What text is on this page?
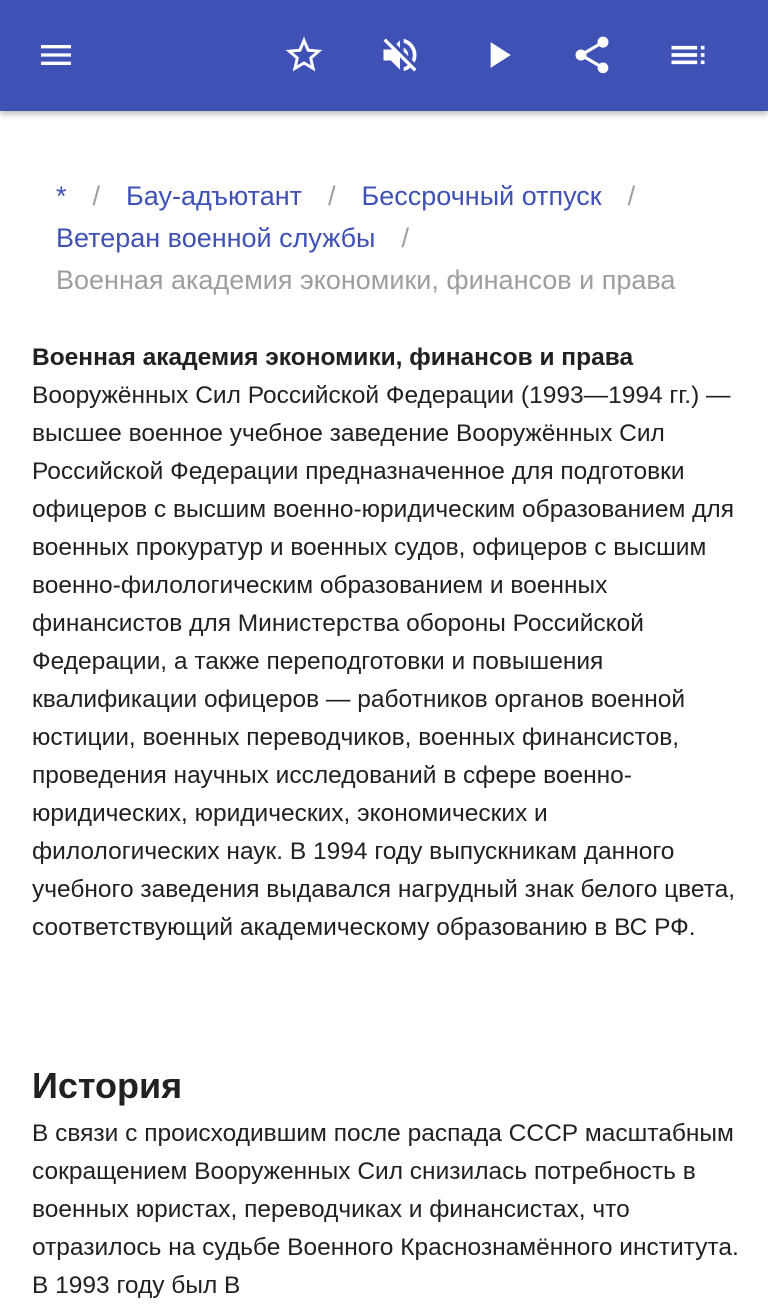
* / Бау-адъютант / Бессрочный отпуск /
Ветеран военной службы /
Военная академия экономики, финансов и права

Военная академия экономики, финансов и права Вооружённых Сил Российской Федерации (1993—1994 гг.) — высшее военное учебное заведение Вооружённых Сил Российской Федерации предназначенное для подготовки офицеров с высшим военно-юридическим образованием для военных прокуратур и военных судов, офицеров с высшим военно-филологическим образованием и военных финансистов для Министерства обороны Российской Федерации, а также переподготовки и повышения квалификации офицеров — работников органов военной юстиции, военных переводчиков, военных финансистов, проведения научных исследований в сфере военно-юридических, юридических, экономических и филологических наук. В 1994 году выпускникам данного учебного заведения выдавался нагрудный знак белого цвета, соответствующий академическому образованию в ВС РФ.

История

В связи с происходившим после распада СССР масштабным сокращением Вооруженных Сил снизилась потребность в военных юристах, переводчиках и финансистах, что отразилось на судьбе Военного Краснознамённого института. В 1993 году был В
